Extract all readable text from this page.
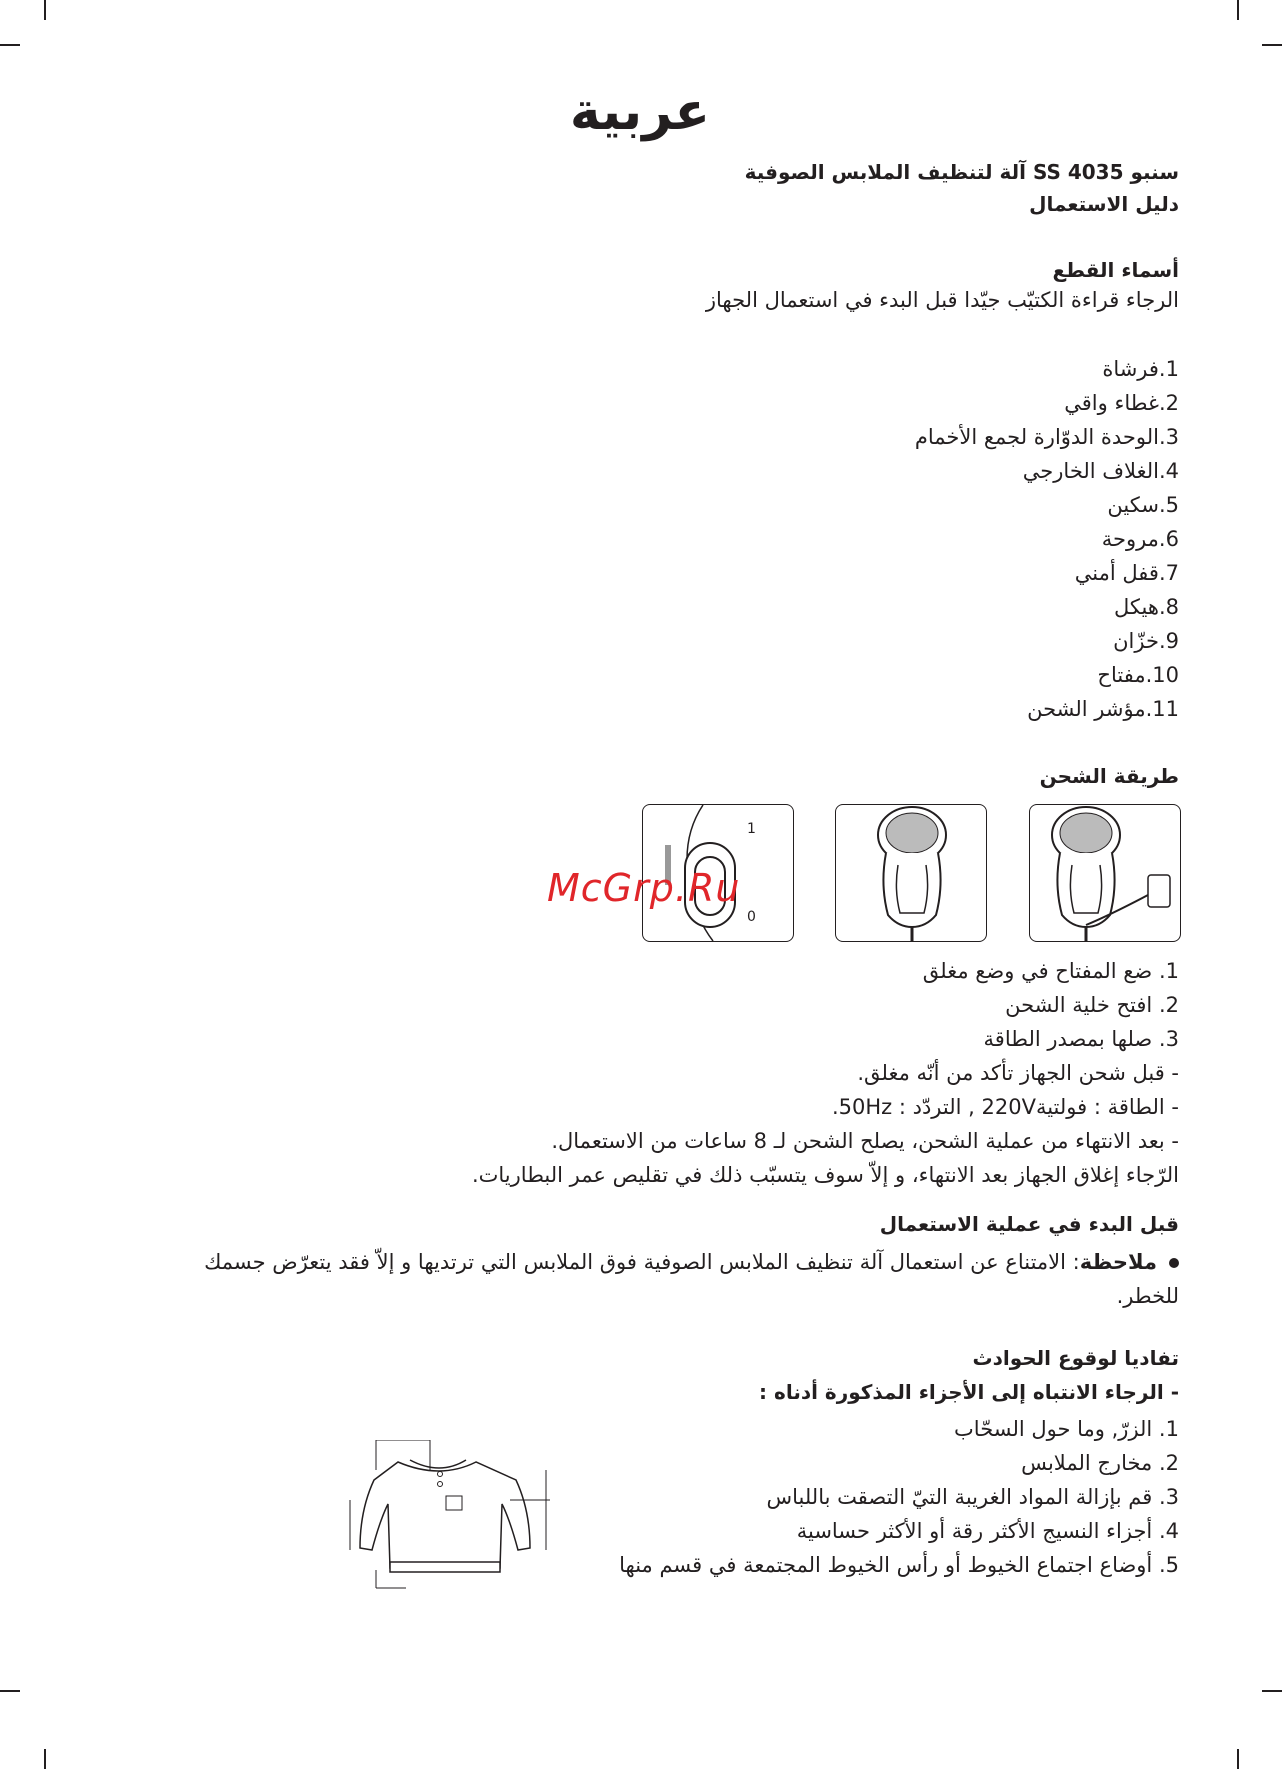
عربية
سنبو SS 4035 آلة لتنظيف الملابس الصوفية
دليل الاستعمال
أسماء القطع
الرجاء قراءة الكتيّب جيّدا قبل البدء في استعمال الجهاز
1.فرشاة
2.غطاء واقي
3.الوحدة الدوّارة لجمع الأخمام
4.الغلاف الخارجي
5.سكين
6.مروحة
7.قفل أمني
8.هيكل
9.خزّان
10.مفتاح
11.مؤشر الشحن
طريقة الشحن
1
0
McGrp.Ru
1. ضع المفتاح في وضع مغلق
2. افتح خلية الشحن
3. صلها بمصدر الطاقة
- قبل شحن الجهاز تأكد من أنّه مغلق.
- الطاقة : فولتية220V , التردّد : 50Hz.
- بعد الانتهاء من عملية الشحن، يصلح الشحن لـ 8 ساعات من الاستعمال.
الرّجاء إغلاق الجهاز بعد الانتهاء، و إلاّ سوف يتسبّب ذلك في تقليص عمر البطاريات.
قبل البدء في عملية الاستعمال
ملاحظة: الامتناع عن استعمال آلة تنظيف الملابس الصوفية فوق الملابس التي ترتديها و إلاّ فقد يتعرّض جسمك
للخطر.
تفاديا لوقوع الحوادث
- الرجاء الانتباه إلى الأجزاء المذكورة أدناه :
1. الزرّ, وما حول السحّاب
2. مخارج الملابس
3. قم بإزالة المواد الغريبة التيّ التصقت باللباس
4. أجزاء النسيج الأكثر رقة أو الأكثر حساسية
5. أوضاع اجتماع الخيوط أو رأس الخيوط المجتمعة في قسم منها
